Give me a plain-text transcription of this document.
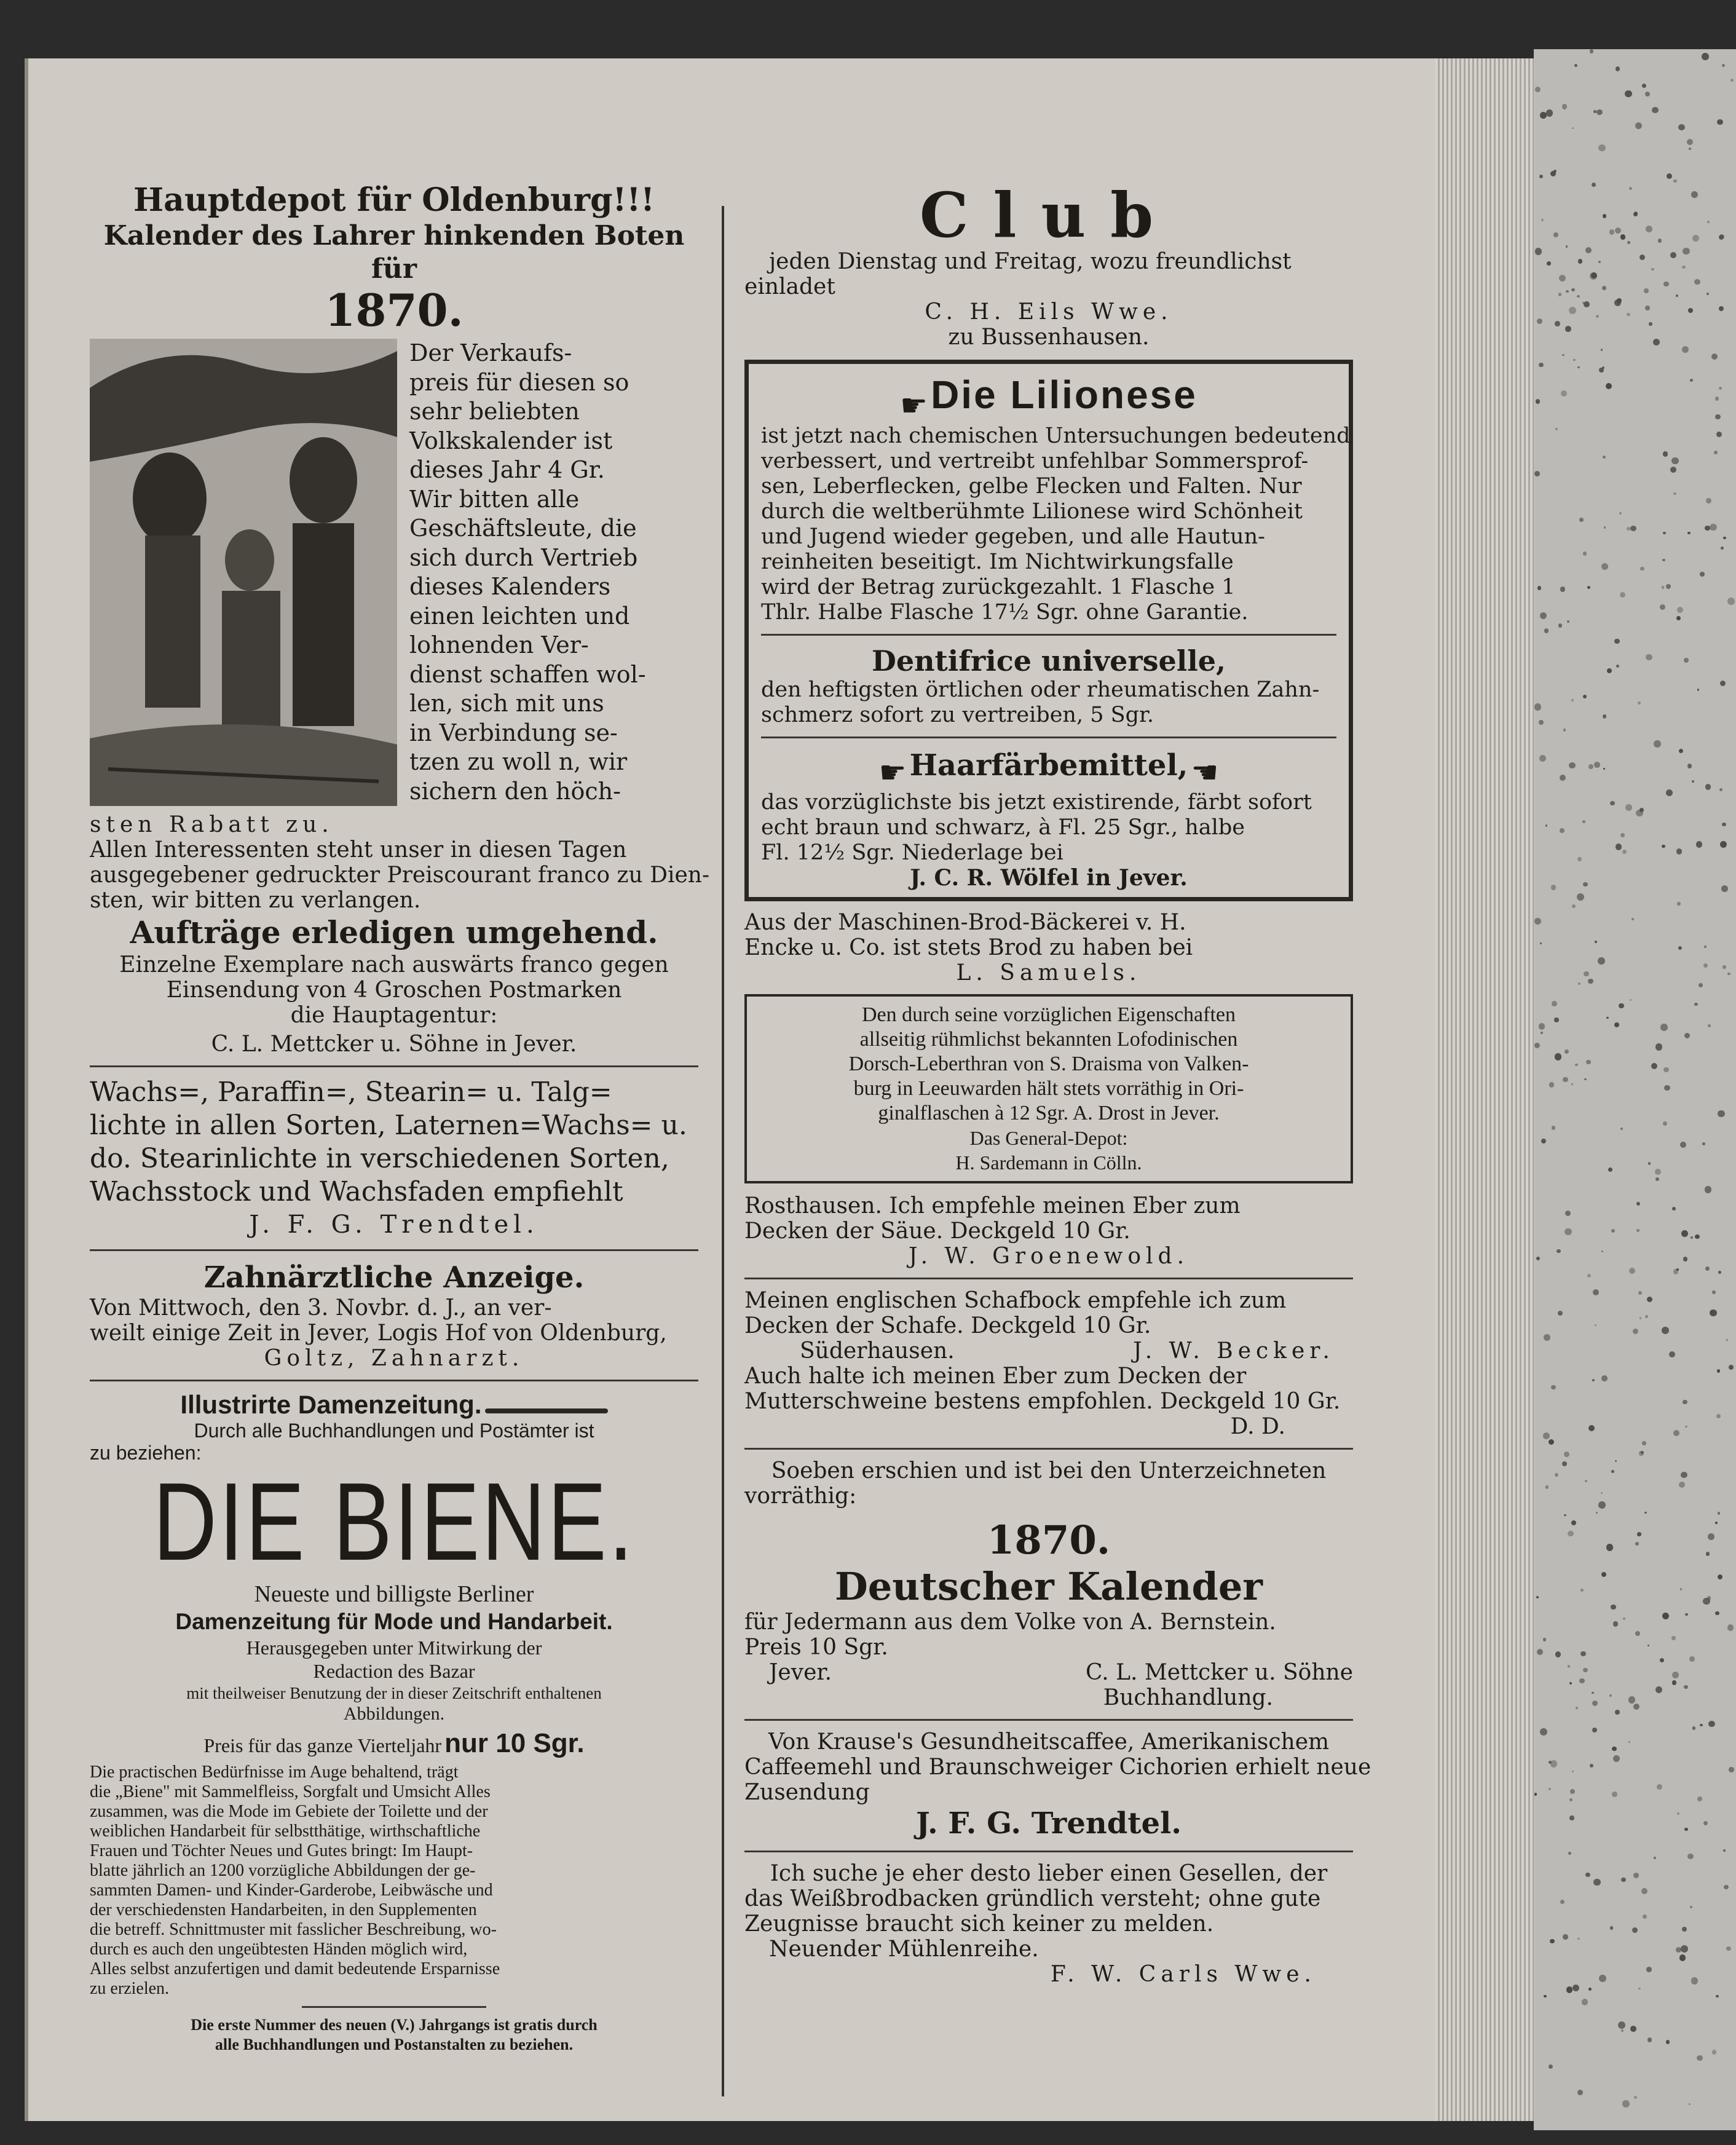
Hauptdepot für Oldenburg!!!
Kalender des Lahrer hinkenden Boten für
1870.
Der Verkaufs-
preis für diesen so
sehr beliebten
Volkskalender ist
dieses Jahr 4 Gr.
Wir bitten alle
Geschäftsleute, die
sich durch Vertrieb
dieses Kalenders
einen leichten und
lohnenden Ver-
dienst schaffen wol-
len, sich mit uns
in Verbindung se-
tzen zu woll n, wir
sichern den höch-
sten Rabatt zu.
Allen Interessenten steht unser in diesen Tagen
ausgegebener gedruckter Preiscourant franco zu Dien-
sten, wir bitten zu verlangen.
Aufträge erledigen umgehend.
Einzelne Exemplare nach auswärts franco gegen
Einsendung von 4 Groschen Postmarken
die Hauptagentur:
C. L. Mettcker u. Söhne in Jever.
Wachs=, Paraffin=, Stearin= u. Talg=
lichte in allen Sorten, Laternen=Wachs= u.
do. Stearinlichte in verschiedenen Sorten,
Wachsstock und Wachsfaden empfiehlt
J. F. G. Trendtel.
Zahnärztliche Anzeige.
Von Mittwoch, den 3. Novbr. d. J., an ver-
weilt einige Zeit in Jever, Logis Hof von Oldenburg,
Goltz, Zahnarzt.
Illustrirte Damenzeitung.
Durch alle Buchhandlungen und Postämter ist
zu beziehen:
DIE BIENE.
Neueste und billigste Berliner
Damenzeitung für Mode und Handarbeit.
Herausgegeben unter Mitwirkung der
Redaction des Bazar
mit theilweiser Benutzung der in dieser Zeitschrift enthaltenen
Abbildungen.
Preis für das ganze Vierteljahr nur 10 Sgr.
Die practischen Bedürfnisse im Auge behaltend, trägt
die „Biene" mit Sammelfleiss, Sorgfalt und Umsicht Alles
zusammen, was die Mode im Gebiete der Toilette und der
weiblichen Handarbeit für selbstthätige, wirthschaftliche
Frauen und Töchter Neues und Gutes bringt: Im Haupt-
blatte jährlich an 1200 vorzügliche Abbildungen der ge-
sammten Damen- und Kinder-Garderobe, Leibwäsche und
der verschiedensten Handarbeiten, in den Supplementen
die betreff. Schnittmuster mit fasslicher Beschreibung, wo-
durch es auch den ungeübtesten Händen möglich wird,
Alles selbst anzufertigen und damit bedeutende Ersparnisse
zu erzielen.
Die erste Nummer des neuen (V.) Jahrgangs ist gratis durch
alle Buchhandlungen und Postanstalten zu beziehen.
Club
jeden Dienstag und Freitag, wozu freundlichst
einladet
C. H. Eils Wwe.
zu Bussenhausen.
☛ Die Lilionese
ist jetzt nach chemischen Untersuchungen bedeutend
verbessert, und vertreibt unfehlbar Sommersprof-
sen, Leberflecken, gelbe Flecken und Falten. Nur
durch die weltberühmte Lilionese wird Schönheit
und Jugend wieder gegeben, und alle Hautun-
reinheiten beseitigt. Im Nichtwirkungsfalle
wird der Betrag zurückgezahlt. 1 Flasche 1
Thlr. Halbe Flasche 17½ Sgr. ohne Garantie.
Dentifrice universelle,
den heftigsten örtlichen oder rheumatischen Zahn-
schmerz sofort zu vertreiben, 5 Sgr.
☛ Haarfärbemittel, ☚
das vorzüglichste bis jetzt existirende, färbt sofort
echt braun und schwarz, à Fl. 25 Sgr., halbe
Fl. 12½ Sgr. Niederlage bei
J. C. R. Wölfel in Jever.
Aus der Maschinen-Brod-Bäckerei v. H.
Encke u. Co. ist stets Brod zu haben bei
L. Samuels.
Den durch seine vorzüglichen Eigenschaften
allseitig rühmlichst bekannten Lofodinischen
Dorsch-Leberthran von S. Draisma von Valken-
burg in Leeuwarden hält stets vorräthig in Ori-
ginalflaschen à 12 Sgr. A. Drost in Jever.
Das General-Depot:
H. Sardemann in Cölln.
Rosthausen. Ich empfehle meinen Eber zum
Decken der Säue. Deckgeld 10 Gr.
J. W. Groenewold.
Meinen englischen Schafbock empfehle ich zum
Decken der Schafe. Deckgeld 10 Gr.
Süderhausen.	J. W. Becker.
Auch halte ich meinen Eber zum Decken der
Mutterschweine bestens empfohlen. Deckgeld 10 Gr.
D. D.
Soeben erschien und ist bei den Unterzeichneten
vorräthig:
1870.
Deutscher Kalender
für Jedermann aus dem Volke von A. Bernstein.
Preis 10 Sgr.
Jever.	C. L. Mettcker u. Söhne
Buchhandlung.
Von Krause's Gesundheitscaffee, Amerikanischem
Caffeemehl und Braunschweiger Cichorien erhielt neue
Zusendung
J. F. G. Trendtel.
Ich suche je eher desto lieber einen Gesellen, der
das Weißbrodbacken gründlich versteht; ohne gute
Zeugnisse braucht sich keiner zu melden.
Neuender Mühlenreihe.
F. W. Carls Wwe.
